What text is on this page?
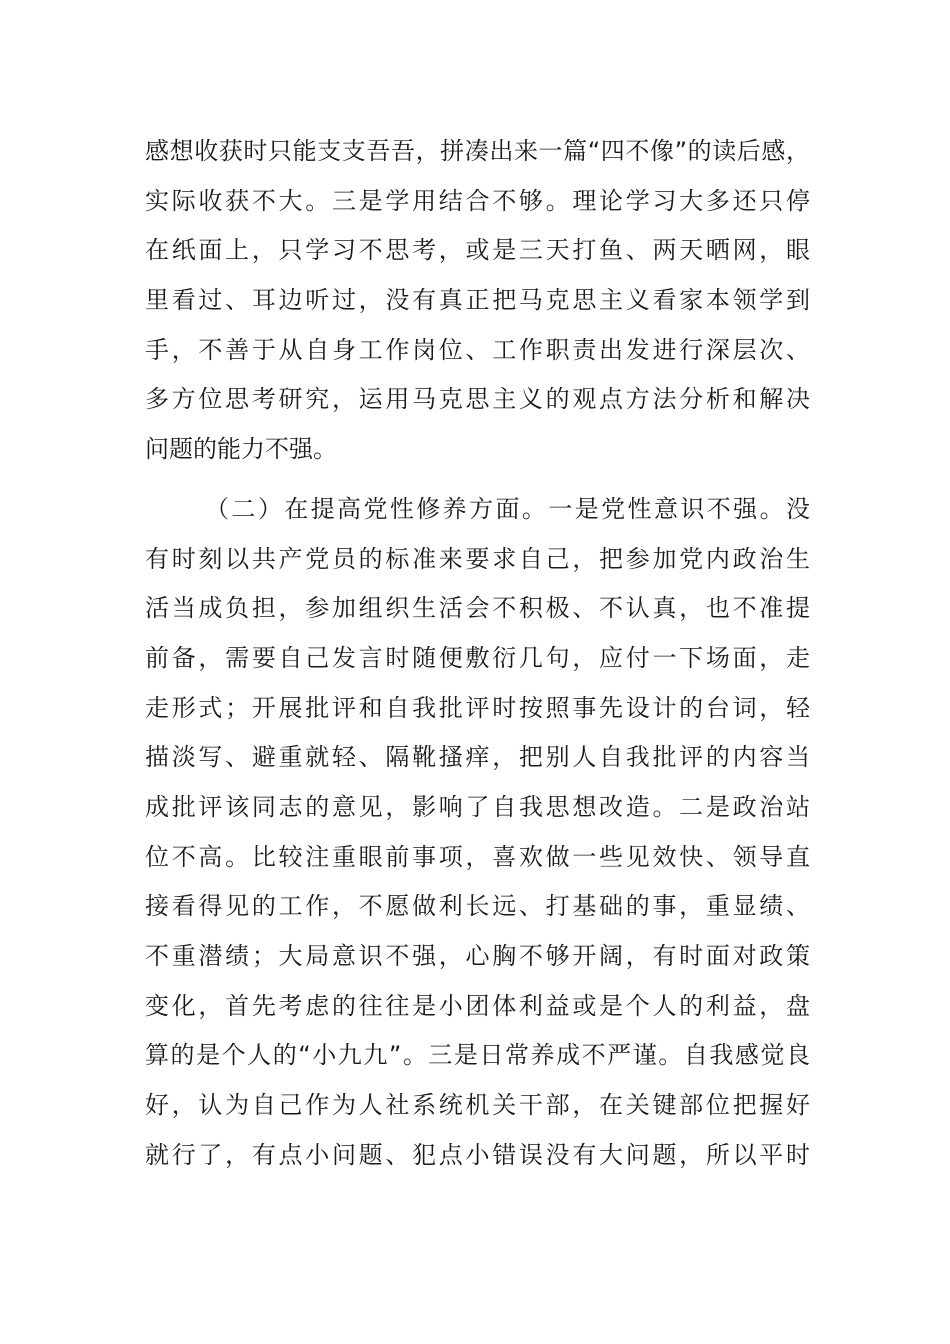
感想收获时只能支支吾吾，拼凑出来一篇“四不像”的读后感，
实际收获不大。三是学用结合不够。理论学习大多还只停
在纸面上，只学习不思考，或是三天打鱼、两天晒网，眼
里看过、耳边听过，没有真正把马克思主义看家本领学到
手，不善于从自身工作岗位、工作职责出发进行深层次、
多方位思考研究，运用马克思主义的观点方法分析和解决
问题的能力不强。
（二）在提高党性修养方面。一是党性意识不强。没
有时刻以共产党员的标准来要求自己，把参加党内政治生
活当成负担，参加组织生活会不积极、不认真，也不准提
前备，需要自己发言时随便敷衍几句，应付一下场面，走
走形式；开展批评和自我批评时按照事先设计的台词，轻
描淡写、避重就轻、隔靴搔痒，把别人自我批评的内容当
成批评该同志的意见，影响了自我思想改造。二是政治站
位不高。比较注重眼前事项，喜欢做一些见效快、领导直
接看得见的工作，不愿做利长远、打基础的事，重显绩、
不重潜绩；大局意识不强，心胸不够开阔，有时面对政策
变化，首先考虑的往往是小团体利益或是个人的利益，盘
算的是个人的“小九九”。三是日常养成不严谨。自我感觉良
好，认为自己作为人社系统机关干部，在关键部位把握好
就行了，有点小问题、犯点小错误没有大问题，所以平时
